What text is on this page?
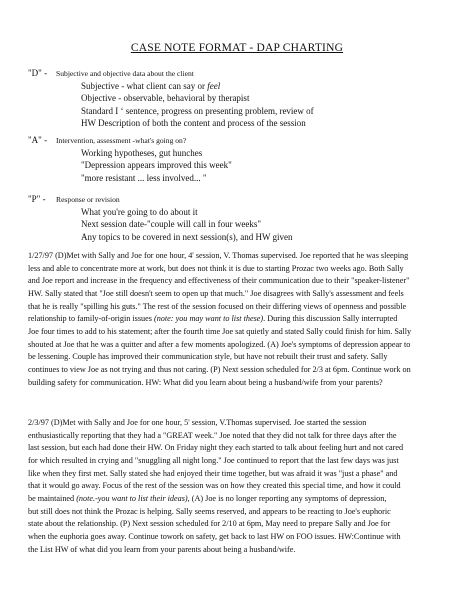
CASE NOTE FORMAT - DAP CHARTING
"D" - Subjective and objective data about the client
Subjective - what client can say or feel
Objective - observable, behavioral by therapist
Standard I ‘ sentence, progress on presenting problem, review of
HW Description of both the content and process of the session
"A" - Intervention, assessment -what's going on?
Working hypotheses, gut hunches
"Depression appears improved this week"
"more resistant ... less involved... "
"P" - Response or revision
What you're going to do about it
Next session date-"couple will call in four weeks"
Any topics to be covered in next session(s), and HW given
1/27/97 (D)Met with Sally and Joe for one hour, 4' session, V. Thomas supervised. Joe reported that he was sleeping
less and able to concentrate more at work, but does not think it is due to starting Prozac two weeks ago. Both Sally
and Joe report and increase in the frequency and effectiveness of their communication due to their "speaker-listener"
HW. Sally stated that "Joe still doesn't seem to open up that much." Joe disagrees with Sally's assessment and feels
that he is really "spilling his guts." The rest of the session focused on their differing views of openness and possible
relationship to family-of-origin issues (note: you may want to list these). During this discussion Sally interrupted
Joe four times to add to his statement; after the fourth time Joe sat quietly and stated Sally could finish for him. Sally
shouted at Joe that he was a quitter and after a few moments apologized. (A) Joe's symptoms of depression appear to
be lessening. Couple has improved their communication style, but have not rebuilt their trust and safety. Sally
continues to view Joe as not trying and thus not caring. (P) Next session scheduled for 2/3 at 6pm. Continue work on
building safety for communication. HW: What did you learn about being a husband/wife from your parents?
2/3/97 (D)Met with Sally and Joe for one hour, 5' session, V.Thomas supervised. Joe started the session
enthusiastically reporting that they had a "GREAT week." Joe noted that they did not talk for three days after the
last session, but each had done their HW. On Friday night they each started to talk about feeling hurt and not cared
for which resulted in crying and "snuggling all night long." Joe continued to report that the last few days was just
like when they first met. Sally stated she had enjoyed their time together, but was afraid it was "just a phase" and
that it would go away. Focus of the rest of the session was on how they created this special time, and how it could
be maintained (note.-you want to list their ideas), (A) Joe is no longer reporting any symptoms of depression,
but still does not think the Prozac is helping. Sally seems reserved, and appears to be reacting to Joe's euphoric
state about the relationship. (P) Next session scheduled for 2/10 at 6pm, May need to prepare Sally and Joe for
when the euphoria goes away. Continue towork on safety, get back to last HW on FOO issues. HW:Continue with
the List HW of what did you learn from your parents about being a husband/wife.
